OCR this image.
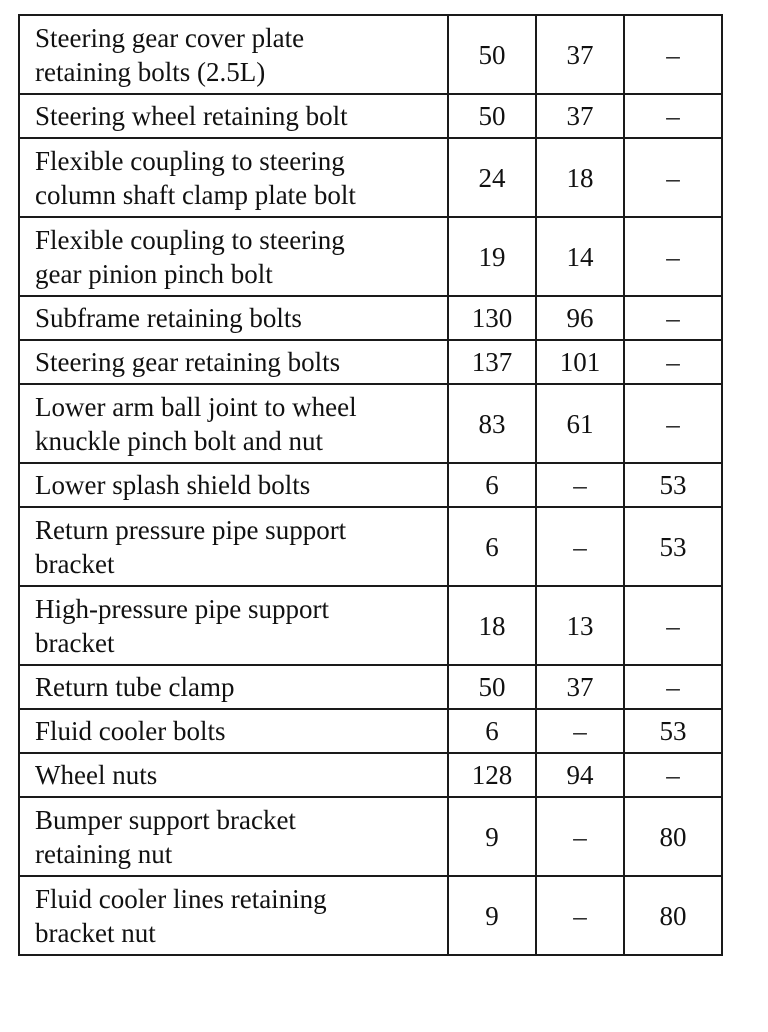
Steering gear cover plate
retaining bolts (2.5L)	50	37	–

Steering wheel retaining bolt	50	37	–

Flexible coupling to steering
column shaft clamp plate bolt	24	18	–

Flexible coupling to steering
gear pinion pinch bolt	19	14	–

Subframe retaining bolts	130	96	–

Steering gear retaining bolts	137	101	–

Lower arm ball joint to wheel
knuckle pinch bolt and nut	83	61	–

Lower splash shield bolts	6	–	53

Return pressure pipe support
bracket	6	–	53

High-pressure pipe support
bracket	18	13	–

Return tube clamp	50	37	–

Fluid cooler bolts	6	–	53

Wheel nuts	128	94	–

Bumper support bracket
retaining nut	9	–	80

Fluid cooler lines retaining
bracket nut	9	–	80
